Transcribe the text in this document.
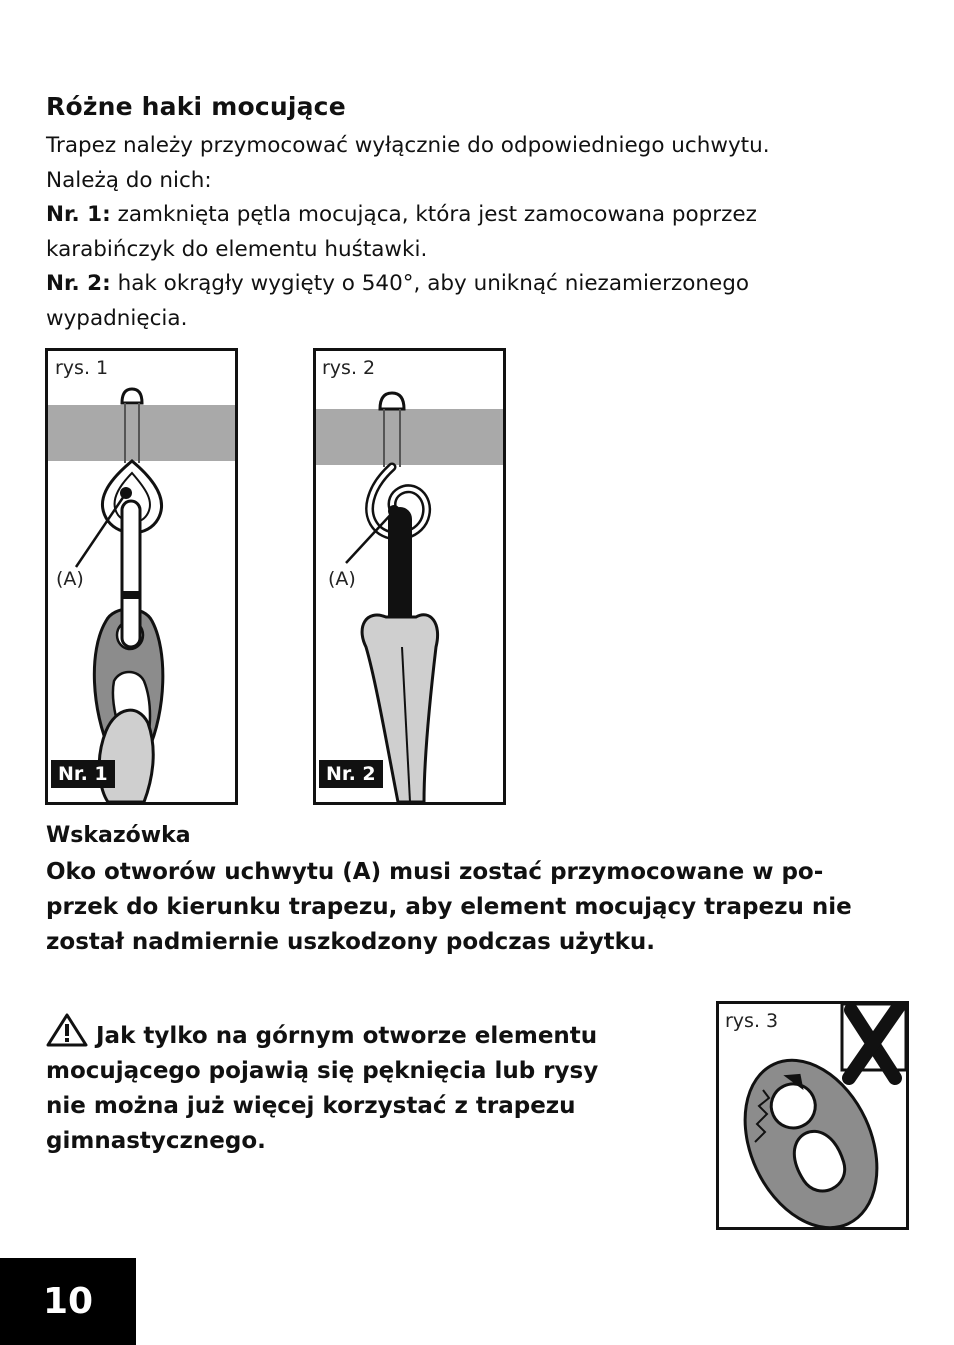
Różne haki mocujące

Trapez należy przymocować wyłącznie do odpowiedniego uchwytu.
Należą do nich:
Nr. 1: zamknięta pętla mocująca, która jest zamocowana poprzez
karabińczyk do elementu huśtawki.
Nr. 2: hak okrągły wygięty o 540°, aby uniknąć niezamierzonego
wypadnięcia.

rys. 1
(A)
Nr. 1
rys. 2
(A)
Nr. 2
Wskazówka

Oko otworów uchwytu (A) musi zostać przymocowane w po-
przek do kierunku trapezu, aby element mocujący trapezu nie
został nadmiernie uszkodzony podczas użytku.

Jak tylko na górnym otworze elementu
mocującego pojawią się pęknięcia lub rysy
nie można już więcej korzystać z trapezu
gimnastycznego.

rys. 3
10
